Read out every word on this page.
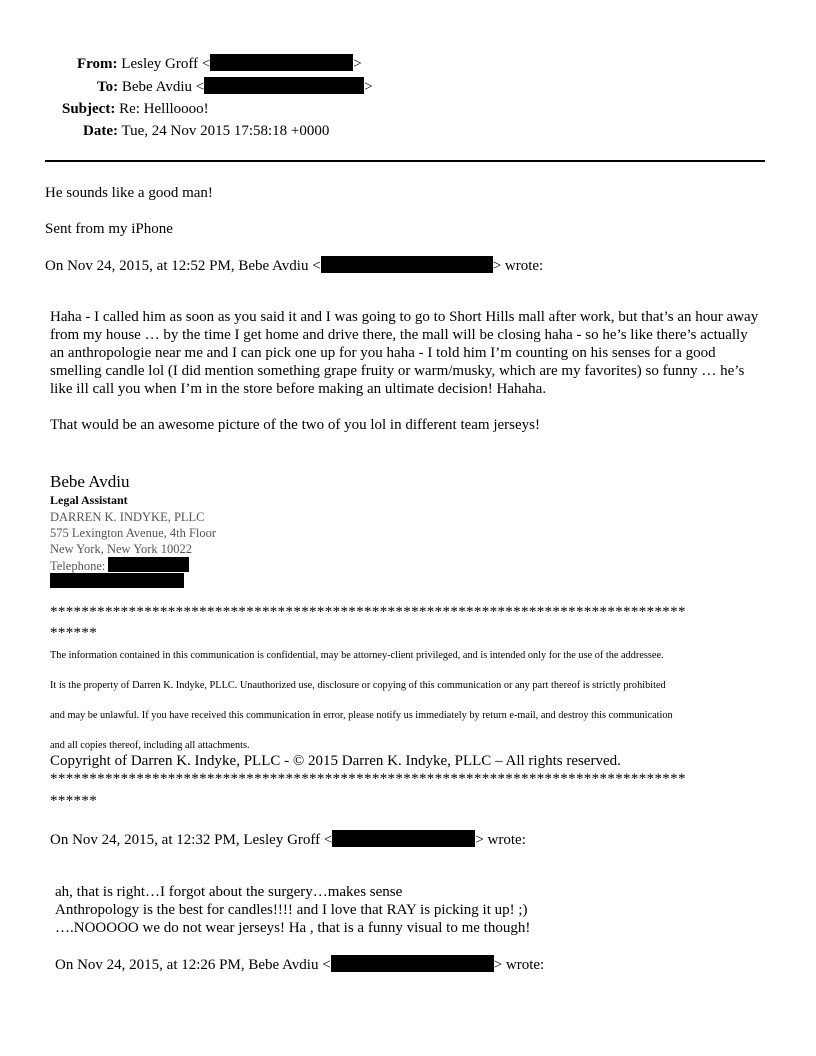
From: Lesley Groff <	>
To: Bebe Avdiu <	>
Subject: Re: Hellloooo!
Date: Tue, 24 Nov 2015 17:58:18 +0000
He sounds like a good man!
Sent from my iPhone
On Nov 24, 2015, at 12:52 PM, Bebe Avdiu <	> wrote:
Haha - I called him as soon as you said it and I was going to go to Short Hills mall after work, but that’s an hour away from my house … by the time I get home and drive there, the mall will be closing haha - so he’s like there’s actually an anthropologie near me and I can pick one up for you haha - I told him I’m counting on his senses for a good smelling candle lol (I did mention something grape fruity or warm/musky, which are my favorites) so funny … he’s like ill call you when I’m in the store before making an ultimate decision! Hahaha.
That would be an awesome picture of the two of you lol in different team jerseys!
Bebe Avdiu
Legal Assistant
DARREN K. INDYKE, PLLC
575 Lexington Avenue, 4th Floor
New York, New York 10022
Telephone:
*********************************************************************************
******
The information contained in this communication is confidential, may be attorney-client privileged, and is intended only for the use of the addressee.
It is the property of Darren K. Indyke, PLLC. Unauthorized use, disclosure or copying of this communication or any part thereof is strictly prohibited
and may be unlawful. If you have received this communication in error, please notify us immediately by return e-mail, and destroy this communication
and all copies thereof, including all attachments.
Copyright of Darren K. Indyke, PLLC - © 2015 Darren K. Indyke, PLLC – All rights reserved.
*********************************************************************************
******
On Nov 24, 2015, at 12:32 PM, Lesley Groff <	> wrote:
ah, that is right…I forgot about the surgery…makes sense
Anthropology is the best for candles!!!! and I love that RAY is picking it up! ;)
….NOOOOO we do not wear jerseys! Ha , that is a funny visual to me though!
On Nov 24, 2015, at 12:26 PM, Bebe Avdiu <	> wrote:
